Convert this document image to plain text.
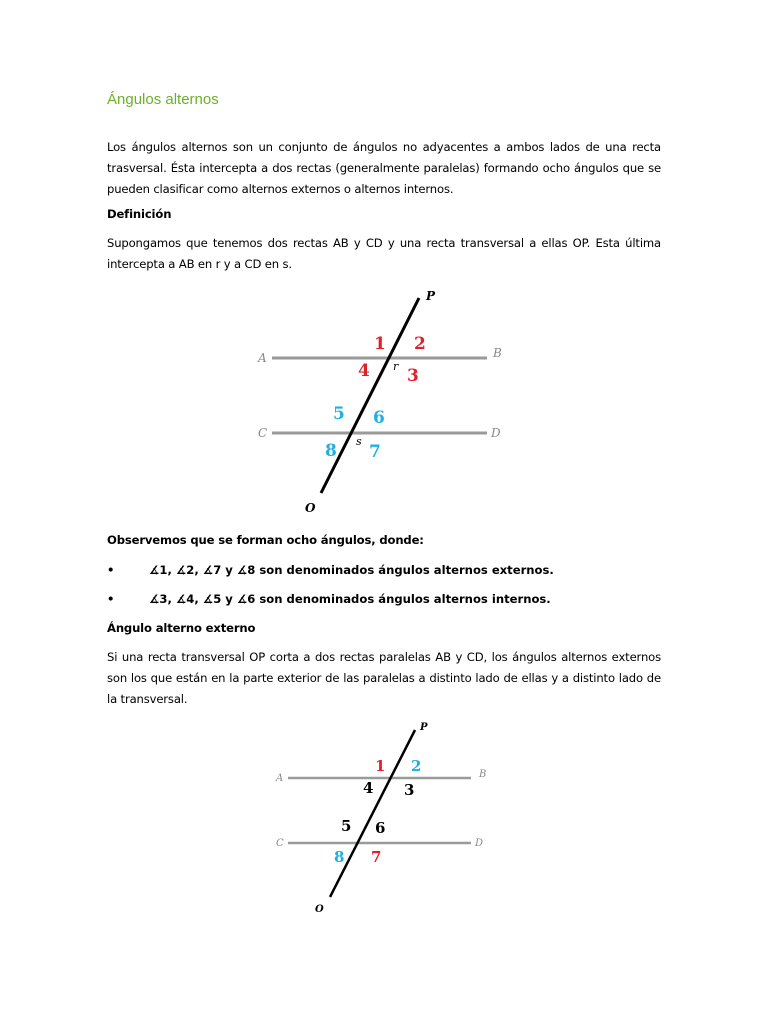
Ángulos alternos
Los ángulos alternos son un conjunto de ángulos no adyacentes a ambos lados de una recta trasversal. Ésta intercepta a dos rectas (generalmente paralelas) formando ocho ángulos que se pueden clasificar como alternos externos o alternos internos.
Definición
Supongamos que tenemos dos rectas AB y CD y una recta transversal a ellas OP. Esta última intercepta a AB en r y a CD en s.
A	B
C	D
P
O
r
s
1 2
3
4
5 6
7
8
A	B
C	D
P
O
1 2
3
4
5 6
7
8
Observemos que se forman ocho ángulos, donde:
•	∡1, ∡2, ∡7 y ∡8 son denominados ángulos alternos externos.
•	∡3, ∡4, ∡5 y ∡6 son denominados ángulos alternos internos.
Ángulo alterno externo
Si una recta transversal OP corta a dos rectas paralelas AB y CD, los ángulos alternos externos son los que están en la parte exterior de las paralelas a distinto lado de ellas y a distinto lado de la transversal.
